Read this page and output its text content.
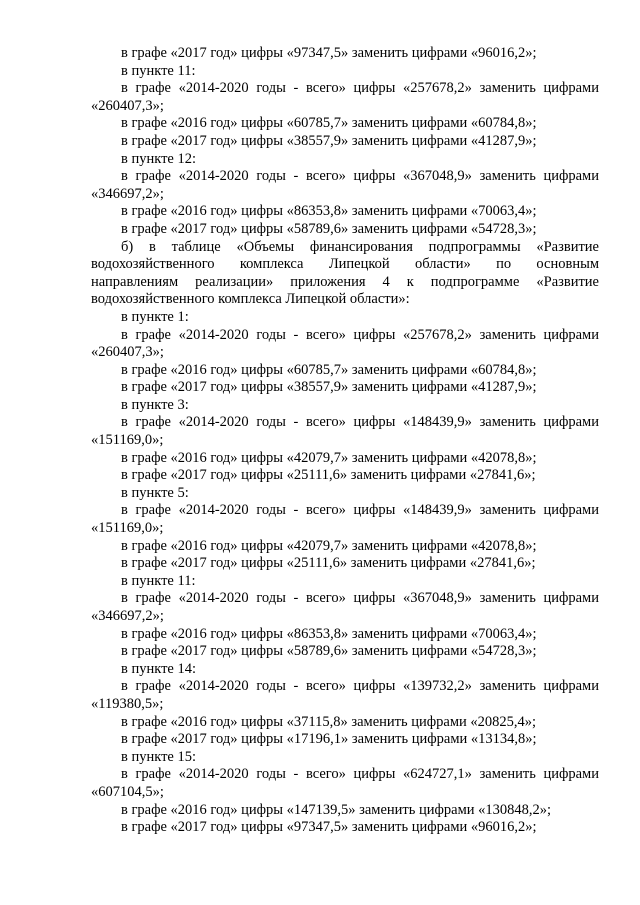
в графе «2017 год» цифры «97347,5» заменить цифрами «96016,2»;
в пункте 11:
в графе «2014-2020 годы - всего» цифры «257678,2» заменить цифрами
«260407,3»;
в графе «2016 год» цифры «60785,7» заменить цифрами «60784,8»;
в графе «2017 год» цифры «38557,9» заменить цифрами «41287,9»;
в пункте 12:
в графе «2014-2020 годы - всего» цифры «367048,9» заменить цифрами
«346697,2»;
в графе «2016 год» цифры «86353,8» заменить цифрами «70063,4»;
в графе «2017 год» цифры «58789,6» заменить цифрами «54728,3»;
б) в таблице «Объемы финансирования подпрограммы «Развитие
водохозяйственного комплекса Липецкой области» по основным
направлениям реализации» приложения 4 к подпрограмме «Развитие
водохозяйственного комплекса Липецкой области»:
в пункте 1:
в графе «2014-2020 годы - всего» цифры «257678,2» заменить цифрами
«260407,3»;
в графе «2016 год» цифры «60785,7» заменить цифрами «60784,8»;
в графе «2017 год» цифры «38557,9» заменить цифрами «41287,9»;
в пункте 3:
в графе «2014-2020 годы - всего» цифры «148439,9» заменить цифрами
«151169,0»;
в графе «2016 год» цифры «42079,7» заменить цифрами «42078,8»;
в графе «2017 год» цифры «25111,6» заменить цифрами «27841,6»;
в пункте 5:
в графе «2014-2020 годы - всего» цифры «148439,9» заменить цифрами
«151169,0»;
в графе «2016 год» цифры «42079,7» заменить цифрами «42078,8»;
в графе «2017 год» цифры «25111,6» заменить цифрами «27841,6»;
в пункте 11:
в графе «2014-2020 годы - всего» цифры «367048,9» заменить цифрами
«346697,2»;
в графе «2016 год» цифры «86353,8» заменить цифрами «70063,4»;
в графе «2017 год» цифры «58789,6» заменить цифрами «54728,3»;
в пункте 14:
в графе «2014-2020 годы - всего» цифры «139732,2» заменить цифрами
«119380,5»;
в графе «2016 год» цифры «37115,8» заменить цифрами «20825,4»;
в графе «2017 год» цифры «17196,1» заменить цифрами «13134,8»;
в пункте 15:
в графе «2014-2020 годы - всего» цифры «624727,1» заменить цифрами
«607104,5»;
в графе «2016 год» цифры «147139,5» заменить цифрами «130848,2»;
в графе «2017 год» цифры «97347,5» заменить цифрами «96016,2»;
